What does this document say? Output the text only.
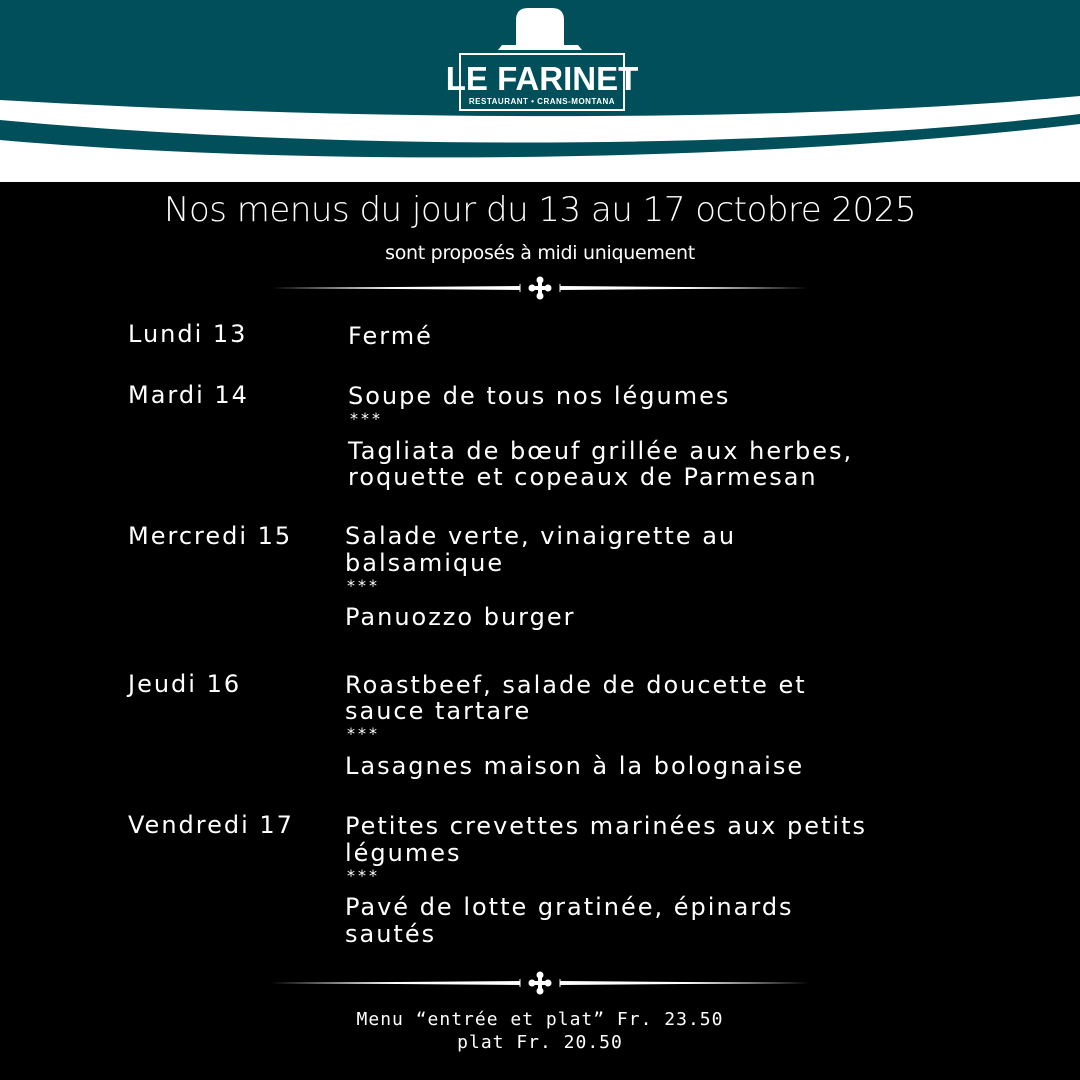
LE FARINET
RESTAURANT • CRANS-MONTANA
Nos menus du jour du 13 au 17 octobre 2025
sont proposés à midi uniquement
Lundi 13	Fermé
Mardi 14	Soupe de tous nos légumes
***
Tagliata de bœuf grillée aux herbes,
roquette et copeaux de Parmesan
Mercredi 15 Salade verte, vinaigrette au
balsamique
***
Panuozzo burger
Jeudi 16	Roastbeef, salade de doucette et
sauce tartare
***
Lasagnes maison à la bolognaise
Vendredi 17 Petites crevettes marinées aux petits
légumes
***
Pavé de lotte gratinée, épinards
sautés
Menu “entrée et plat” Fr. 23.50
plat Fr. 20.50
